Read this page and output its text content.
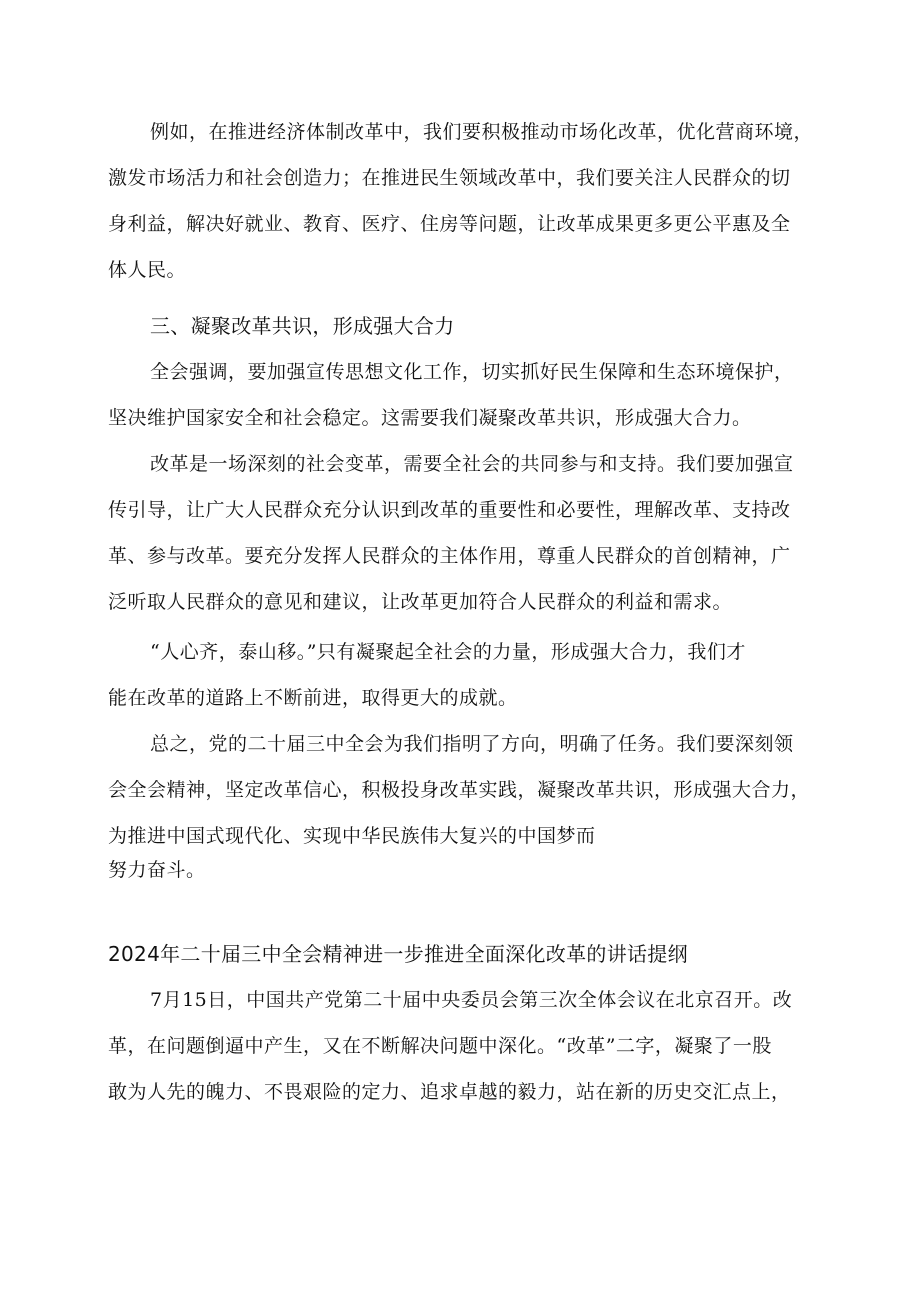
例如，在推进经济体制改革中，我们要积极推动市场化改革，优化营商环境，
激发市场活力和社会创造力；在推进民生领域改革中，我们要关注人民群众的切
身利益，解决好就业、教育、医疗、住房等问题，让改革成果更多更公平惠及全
体人民。
三、凝聚改革共识，形成强大合力
全会强调，要加强宣传思想文化工作，切实抓好民生保障和生态环境保护，
坚决维护国家安全和社会稳定。这需要我们凝聚改革共识，形成强大合力。
改革是一场深刻的社会变革，需要全社会的共同参与和支持。我们要加强宣
传引导，让广大人民群众充分认识到改革的重要性和必要性，理解改革、支持改
革、参与改革。要充分发挥人民群众的主体作用，尊重人民群众的首创精神，广
泛听取人民群众的意见和建议，让改革更加符合人民群众的利益和需求。
“人心齐，泰山移。”只有凝聚起全社会的力量，形成强大合力，我们才
能在改革的道路上不断前进，取得更大的成就。
总之，党的二十届三中全会为我们指明了方向，明确了任务。我们要深刻领
会全会精神，坚定改革信心，积极投身改革实践，凝聚改革共识，形成强大合力，
为推进中国式现代化、实现中华民族伟大复兴的中国梦而
努力奋斗。
2024年二十届三中全会精神进一步推进全面深化改革的讲话提纲
7月15日，中国共产党第二十届中央委员会第三次全体会议在北京召开。改
革，在问题倒逼中产生，又在不断解决问题中深化。“改革”二字，凝聚了一股
敢为人先的魄力、不畏艰险的定力、追求卓越的毅力，站在新的历史交汇点上，
